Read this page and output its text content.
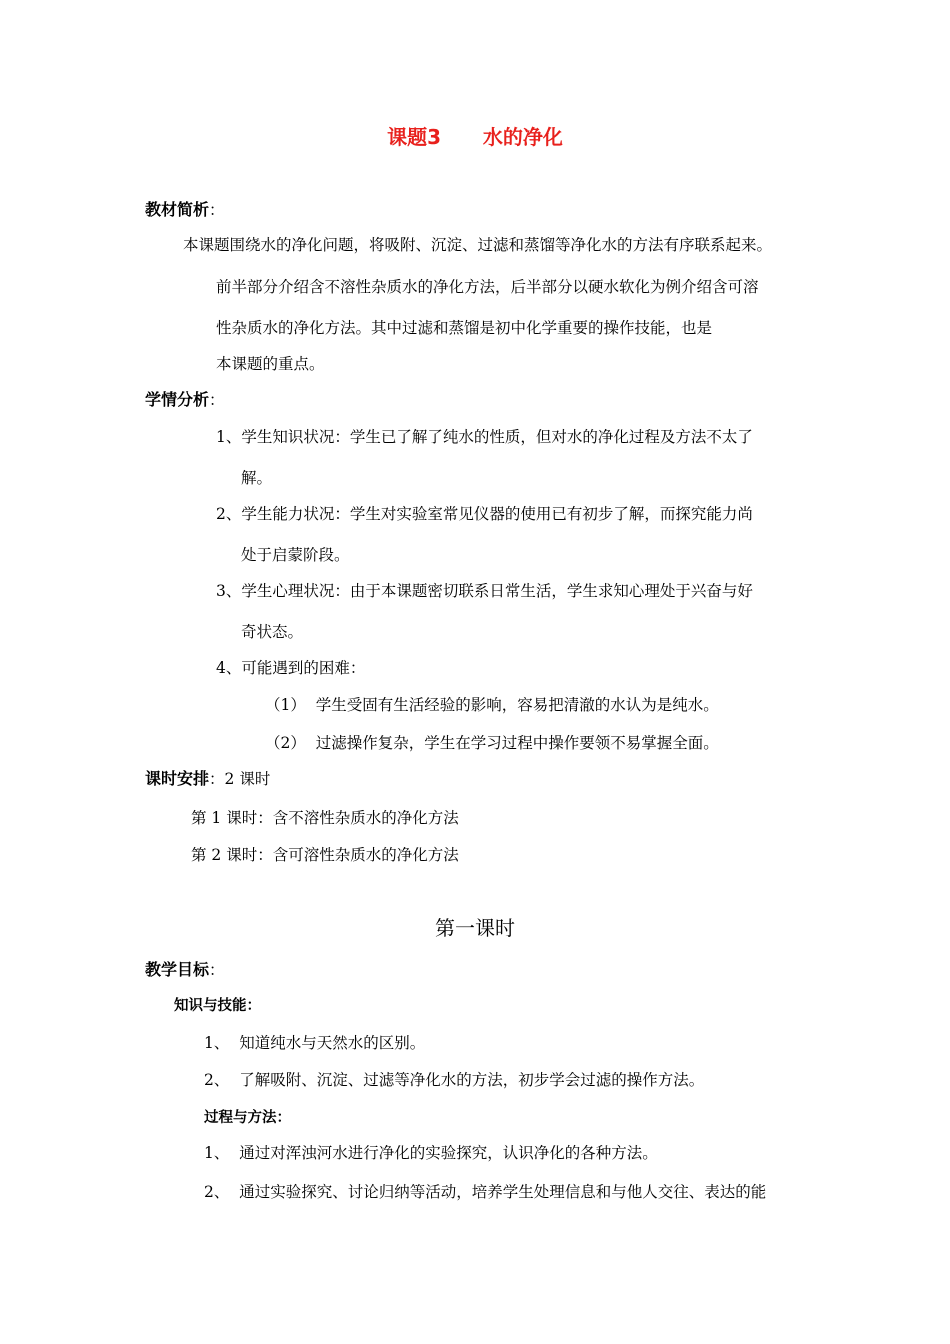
课题3      水的净化
教材简析：
本课题围绕水的净化问题，将吸附、沉淀、过滤和蒸馏等净化水的方法有序联系起来。
前半部分介绍含不溶性杂质水的净化方法，后半部分以硬水软化为例介绍含可溶
性杂质水的净化方法。其中过滤和蒸馏是初中化学重要的操作技能，也是
本课题的重点。
学情分析：
1、学生知识状况：学生已了解了纯水的性质，但对水的净化过程及方法不太了
解。
2、学生能力状况：学生对实验室常见仪器的使用已有初步了解，而探究能力尚
处于启蒙阶段。
3、学生心理状况：由于本课题密切联系日常生活，学生求知心理处于兴奋与好
奇状态。
4、可能遇到的困难：
（1）  学生受固有生活经验的影响，容易把清澈的水认为是纯水。
（2）  过滤操作复杂，学生在学习过程中操作要领不易掌握全面。
课时安排：2 课时
第 1 课时：含不溶性杂质水的净化方法
第 2 课时：含可溶性杂质水的净化方法
第一课时
教学目标：
知识与技能：
1、  知道纯水与天然水的区别。
2、  了解吸附、沉淀、过滤等净化水的方法，初步学会过滤的操作方法。
过程与方法：
1、  通过对浑浊河水进行净化的实验探究，认识净化的各种方法。
2、  通过实验探究、讨论归纳等活动，培养学生处理信息和与他人交往、表达的能
